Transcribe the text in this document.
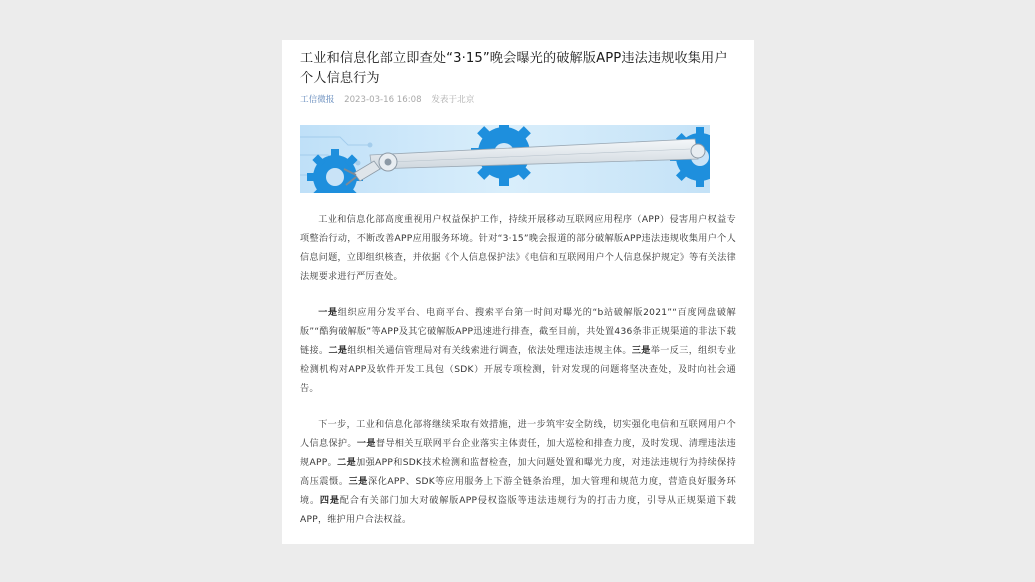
工业和信息化部立即查处“3·15”晚会曝光的破解版APP违法违规收集用户个人信息行为
工信微报 2023-03-16 16:08 发表于北京

工业和信息化部高度重视用户权益保护工作，持续开展移动互联网应用程序（APP）侵害用户权益专项整治行动，不断改善APP应用服务环境。针对“3·15”晚会报道的部分破解版APP违法违规收集用户个人信息问题，立即组织核查，并依据《个人信息保护法》《电信和互联网用户个人信息保护规定》等有关法律法规要求进行严厉查处。

一是组织应用分发平台、电商平台、搜索平台第一时间对曝光的“b站破解版2021”“百度网盘破解版”“酷狗破解版”等APP及其它破解版APP迅速进行排查，截至目前，共处置436条非正规渠道的非法下载链接。二是组织相关通信管理局对有关线索进行调查，依法处理违法违规主体。三是举一反三，组织专业检测机构对APP及软件开发工具包（SDK）开展专项检测，针对发现的问题将坚决查处，及时向社会通告。

下一步，工业和信息化部将继续采取有效措施，进一步筑牢安全防线，切实强化电信和互联网用户个人信息保护。一是督导相关互联网平台企业落实主体责任，加大巡检和排查力度，及时发现、清理违法违规APP。二是加强APP和SDK技术检测和监督检查，加大问题处置和曝光力度，对违法违规行为持续保持高压震慑。三是深化APP、SDK等应用服务上下游全链条治理，加大管理和规范力度，营造良好服务环境。四是配合有关部门加大对破解版APP侵权盗版等违法违规行为的打击力度，引导从正规渠道下载APP，维护用户合法权益。
